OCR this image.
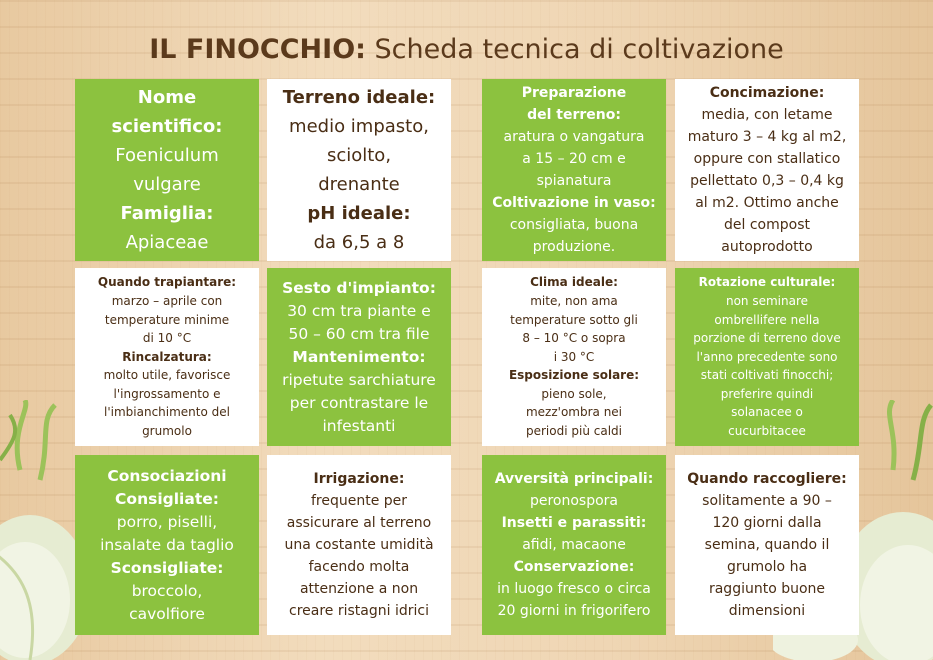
IL FINOCCHIO: Scheda tecnica di coltivazione
Nome
scientifico:
Foeniculum
vulgare
Famiglia:
Apiaceae
Terreno ideale:
medio impasto,
sciolto,
drenante
pH ideale:
da 6,5 a 8
Preparazione
del terreno:
aratura o vangatura
a 15 – 20 cm e
spianatura
Coltivazione in vaso:
consigliata, buona
produzione.
Concimazione:
media, con letame
maturo 3 – 4 kg al m2,
oppure con stallatico
pellettato 0,3 – 0,4 kg
al m2. Ottimo anche
del compost
autoprodotto
Quando trapiantare:
marzo – aprile con
temperature minime
di 10 °C
Rincalzatura:
molto utile, favorisce
l'ingrossamento e
l'imbianchimento del
grumolo
Sesto d'impianto:
30 cm tra piante e
50 – 60 cm tra file
Mantenimento:
ripetute sarchiature
per contrastare le
infestanti
Clima ideale:
mite, non ama
temperature sotto gli
8 – 10 °C o sopra
i 30 °C
Esposizione solare:
pieno sole,
mezz'ombra nei
periodi più caldi
Rotazione culturale:
non seminare
ombrellifere nella
porzione di terreno dove
l'anno precedente sono
stati coltivati finocchi;
preferire quindi
solanacee o
cucurbitacee
Consociazioni
Consigliate:
porro, piselli,
insalate da taglio
Sconsigliate:
broccolo,
cavolfiore
Irrigazione:
frequente per
assicurare al terreno
una costante umidità
facendo molta
attenzione a non
creare ristagni idrici
Avversità principali:
peronospora
Insetti e parassiti:
afidi, macaone
Conservazione:
in luogo fresco o circa
20 giorni in frigorifero
Quando raccogliere:
solitamente a 90 –
120 giorni dalla
semina, quando il
grumolo ha
raggiunto buone
dimensioni
